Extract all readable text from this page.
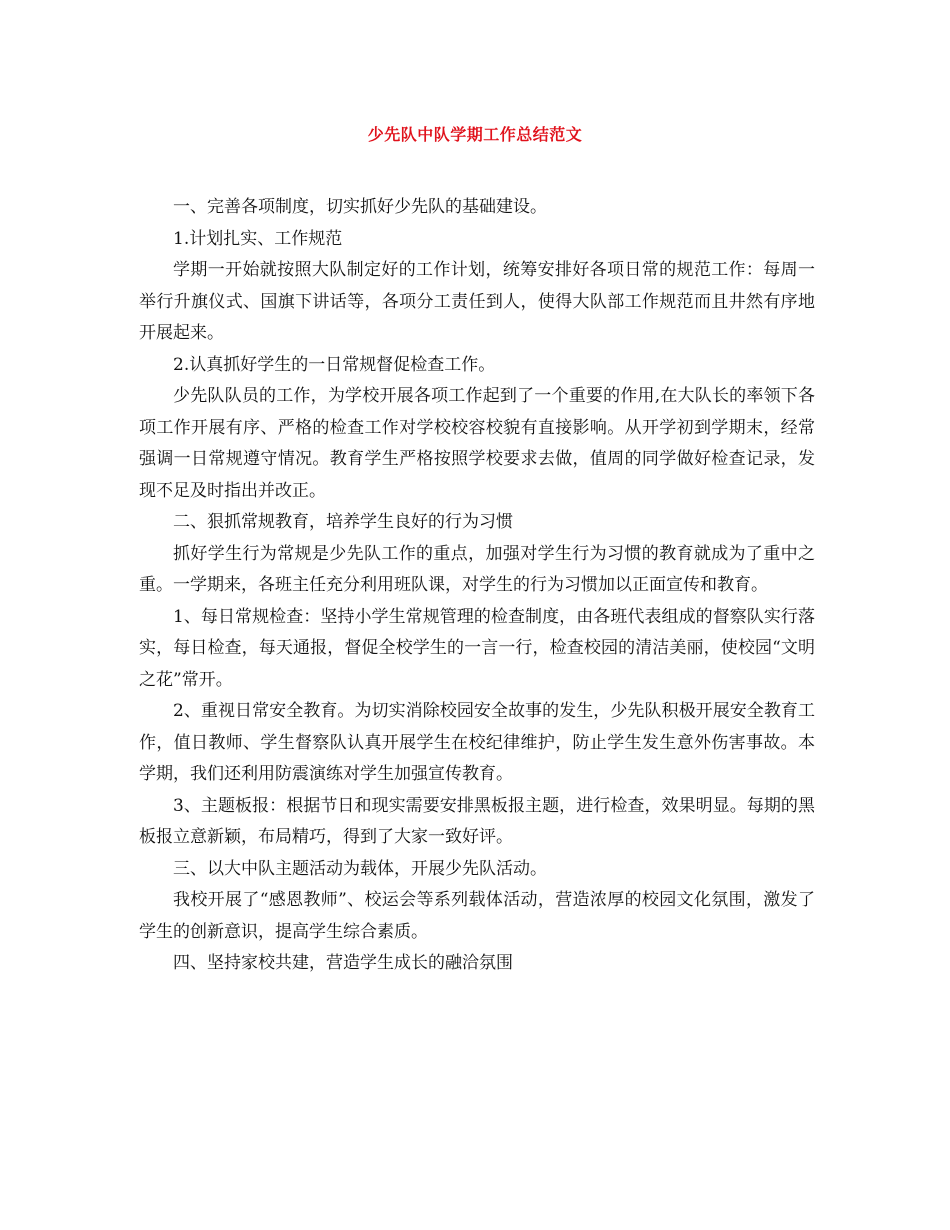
少先队中队学期工作总结范文

一、完善各项制度，切实抓好少先队的基础建设。

1.计划扎实、工作规范

学期一开始就按照大队制定好的工作计划，统筹安排好各项日常的规范工作：每周一举行升旗仪式、国旗下讲话等，各项分工责任到人，使得大队部工作规范而且井然有序地开展起来。

2.认真抓好学生的一日常规督促检查工作。

少先队队员的工作，为学校开展各项工作起到了一个重要的作用,在大队长的率领下各项工作开展有序、严格的检查工作对学校校容校貌有直接影响。从开学初到学期末，经常强调一日常规遵守情况。教育学生严格按照学校要求去做，值周的同学做好检查记录，发现不足及时指出并改正。

二、狠抓常规教育，培养学生良好的行为习惯

抓好学生行为常规是少先队工作的重点，加强对学生行为习惯的教育就成为了重中之重。一学期来，各班主任充分利用班队课，对学生的行为习惯加以正面宣传和教育。

1、每日常规检查：坚持小学生常规管理的检查制度，由各班代表组成的督察队实行落实，每日检查，每天通报，督促全校学生的一言一行，检查校园的清洁美丽，使校园“文明之花”常开。

2、重视日常安全教育。为切实消除校园安全故事的发生，少先队积极开展安全教育工作，值日教师、学生督察队认真开展学生在校纪律维护，防止学生发生意外伤害事故。本学期，我们还利用防震演练对学生加强宣传教育。

3、主题板报：根据节日和现实需要安排黑板报主题，进行检查，效果明显。每期的黑板报立意新颖，布局精巧，得到了大家一致好评。

三、以大中队主题活动为载体，开展少先队活动。

我校开展了“感恩教师”、校运会等系列载体活动，营造浓厚的校园文化氛围，激发了学生的创新意识，提高学生综合素质。

四、坚持家校共建，营造学生成长的融洽氛围
